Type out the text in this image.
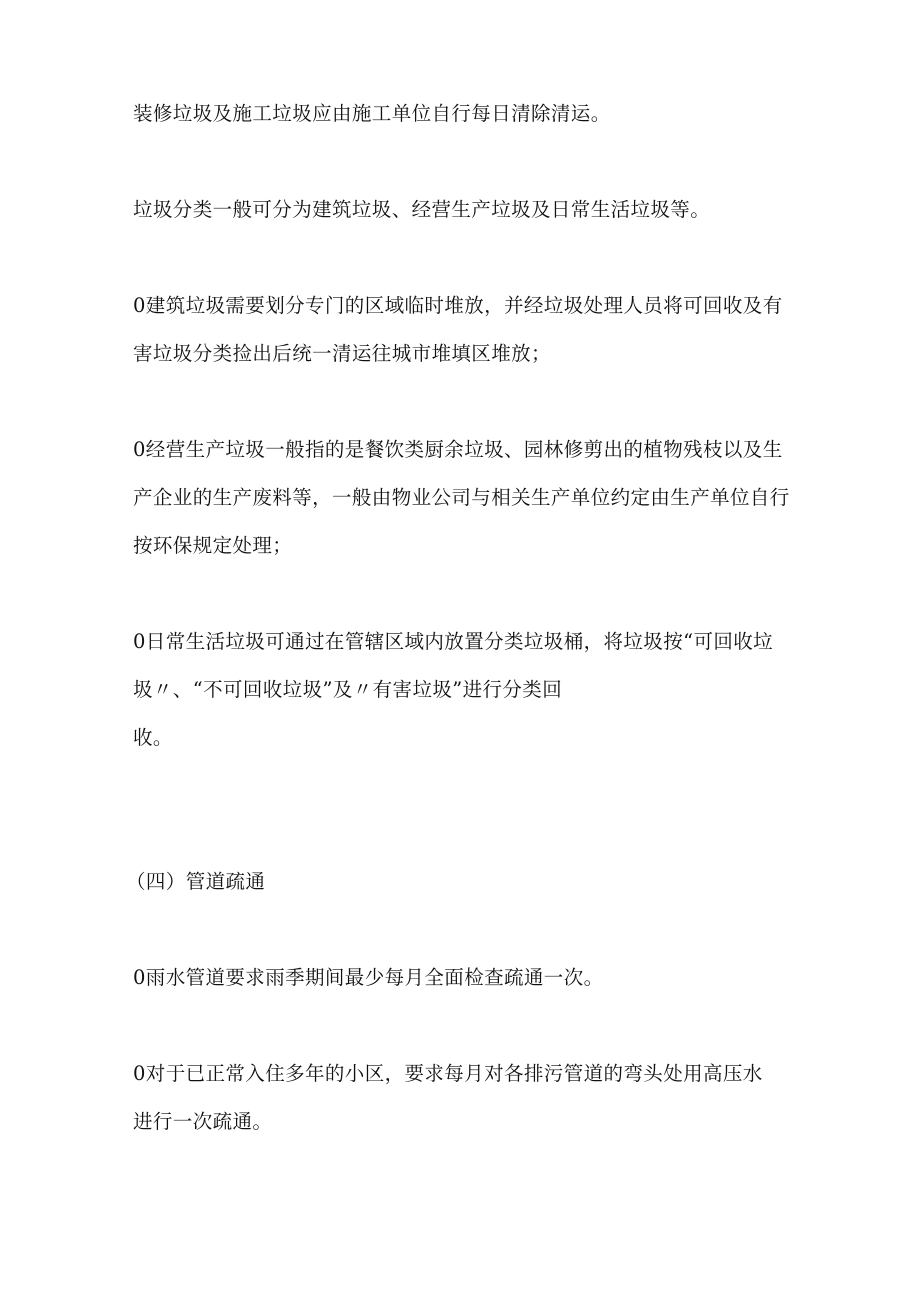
装修垃圾及施工垃圾应由施工单位自行每日清除清运。
垃圾分类一般可分为建筑垃圾、经营生产垃圾及日常生活垃圾等。
0建筑垃圾需要划分专门的区域临时堆放，并经垃圾处理人员将可回收及有
害垃圾分类捡出后统一清运往城市堆填区堆放；
0经营生产垃圾一般指的是餐饮类厨余垃圾、园林修剪出的植物残枝以及生
产企业的生产废料等，一般由物业公司与相关生产单位约定由生产单位自行
按环保规定处理；
0日常生活垃圾可通过在管辖区域内放置分类垃圾桶，将垃圾按“可回收垃
圾〃、“不可回收垃圾”及〃有害垃圾”进行分类回
收。
（四）管道疏通
0雨水管道要求雨季期间最少每月全面检查疏通一次。
0对于已正常入住多年的小区，要求每月对各排污管道的弯头处用高压水
进行一次疏通。
